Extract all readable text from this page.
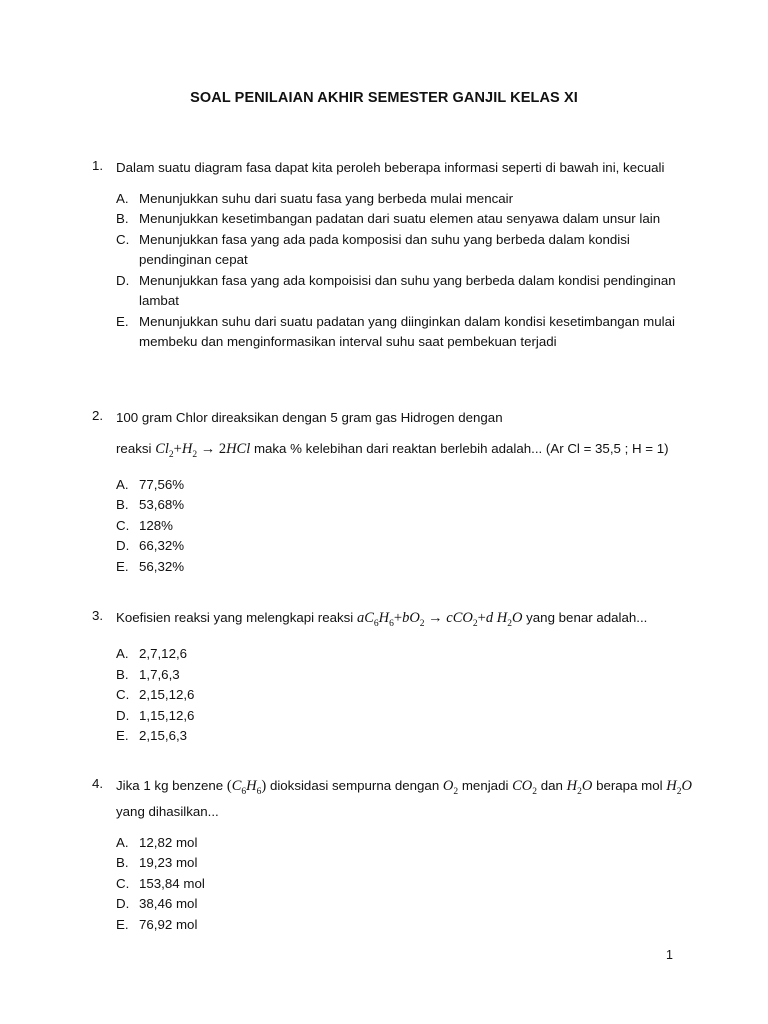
SOAL PENILAIAN AKHIR SEMESTER GANJIL KELAS XI
1. Dalam suatu diagram fasa dapat kita peroleh beberapa informasi seperti di bawah ini, kecuali

A. Menunjukkan suhu dari suatu fasa yang berbeda mulai mencair
B. Menunjukkan kesetimbangan padatan dari suatu elemen atau senyawa dalam unsur lain
C. Menunjukkan fasa yang ada pada komposisi dan suhu yang berbeda dalam kondisi pendinginan cepat
D. Menunjukkan fasa yang ada kompoisisi dan suhu yang berbeda dalam kondisi pendinginan lambat
E. Menunjukkan suhu dari suatu padatan yang diinginkan dalam kondisi kesetimbangan mulai membeku dan menginformasikan interval suhu saat pembekuan terjadi
2. 100 gram Chlor direaksikan dengan 5 gram gas Hidrogen dengan

reaksi $Cl_2+H_2 \to 2HCl$ maka % kelebihan dari reaktan berlebih adalah... (Ar Cl = 35,5 ; H = 1)

A. 77,56%
B. 53,68%
C. 128%
D. 66,32%
E. 56,32%
3. Koefisien reaksi yang melengkapi reaksi $aC_6H_6+bO_2 \to cCO_2+d$ $H_2O$ yang benar adalah...

A. 2,7,12,6
B. 1,7,6,3
C. 2,15,12,6
D. 1,15,12,6
E. 2,15,6,3
4. Jika 1 kg benzene $(C_6H_6)$ dioksidasi sempurna dengan $O_2$ menjadi $CO_2$ dan $H_2O$ berapa mol $H_2O$ yang dihasilkan...

A. 12,82 mol
B. 19,23 mol
C. 153,84 mol
D. 38,46 mol
E. 76,92 mol
1
